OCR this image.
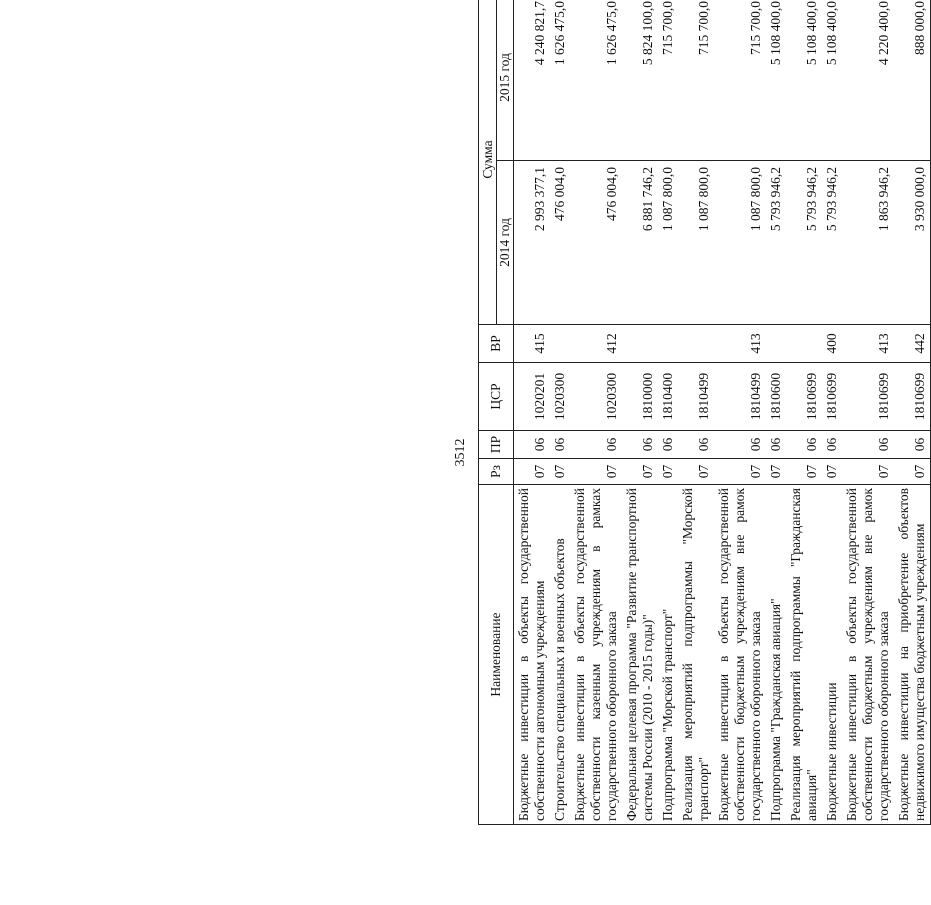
3512
Наименование	Рз	ПР	ЦСР	ВР	Сумма	
					2014 год	2015 год
Бюджетные инвестиции в объекты государственной собственности автономным учреждениям	07	06	1020201	415	2 993 377,1	4 240 821,7
Строительство специальных и военных объектов	07	06	1020300		476 004,0	1 626 475,0
Бюджетные инвестиции в объекты государственной собственности казенным учреждениям в рамках государственного оборонного заказа	07	06	1020300	412	476 004,0	1 626 475,0
Федеральная целевая программа "Развитие транспортной системы России (2010 - 2015 годы)"	07	06	1810000		6 881 746,2	5 824 100,0
Подпрограмма "Морской транспорт"	07	06	1810400		1 087 800,0	715 700,0
Реализация мероприятий подпрограммы "Морской транспорт"	07	06	1810499		1 087 800,0	715 700,0
Бюджетные инвестиции в объекты государственной собственности бюджетным учреждениям вне рамок государственного оборонного заказа	07	06	1810499	413	1 087 800,0	715 700,0
Подпрограмма "Гражданская авиация"	07	06	1810600		5 793 946,2	5 108 400,0
Реализация мероприятий подпрограммы "Гражданская авиация"	07	06	1810699		5 793 946,2	5 108 400,0
Бюджетные инвестиции	07	06	1810699	400	5 793 946,2	5 108 400,0
Бюджетные инвестиции в объекты государственной собственности бюджетным учреждениям вне рамок государственного оборонного заказа	07	06	1810699	413	1 863 946,2	4 220 400,0
Бюджетные инвестиции на приобретение объектов недвижимого имущества бюджетным учреждениям	07	06	1810699	442	3 930 000,0	888 000,0
